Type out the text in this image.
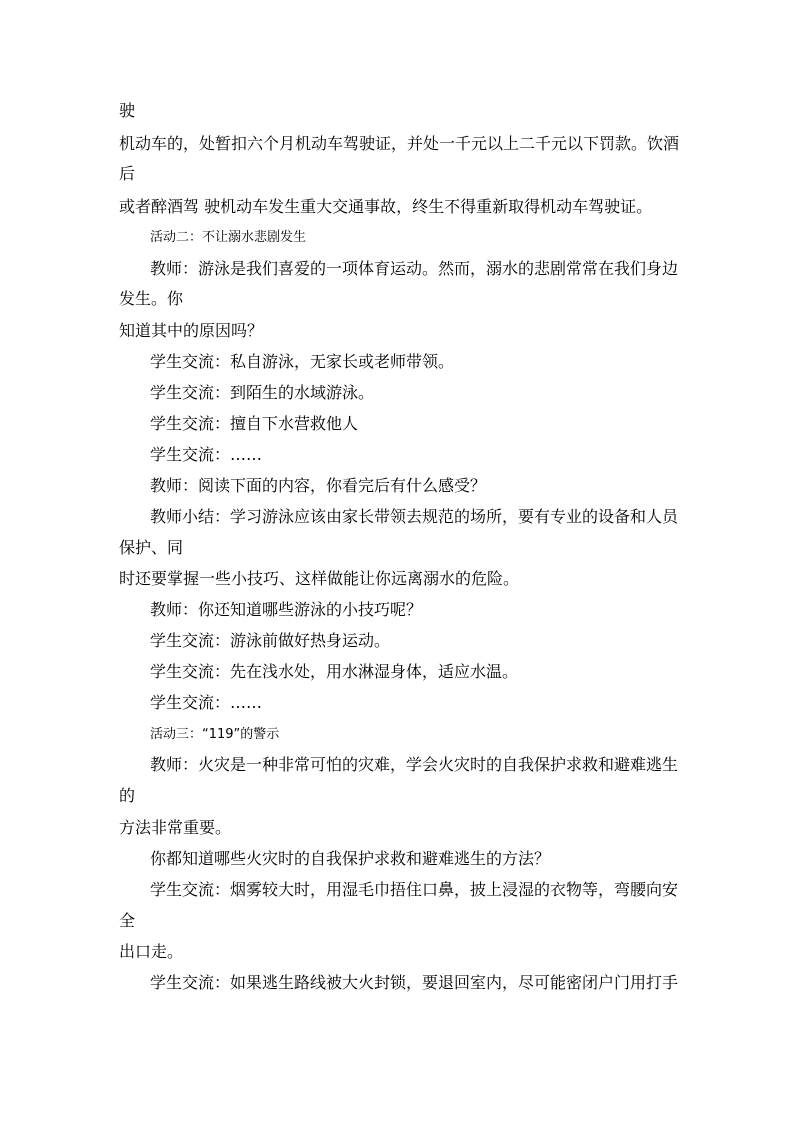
驶
机动车的，处暂扣六个月机动车驾驶证，并处一千元以上二千元以下罚款。饮酒
后
或者醉酒驾 驶机动车发生重大交通事故，终生不得重新取得机动车驾驶证。
活动二：不让溺水悲剧发生
教师：游泳是我们喜爱的一项体育运动。然而，溺水的悲剧常常在我们身边
发生。你
知道其中的原因吗？
学生交流：私自游泳，无家长或老师带领。
学生交流：到陌生的水域游泳。
学生交流：擅自下水营救他人
学生交流：……
教师：阅读下面的内容，你看完后有什么感受？
教师小结：学习游泳应该由家长带领去规范的场所，要有专业的设备和人员
保护、同
时还要掌握一些小技巧、这样做能让你远离溺水的危险。
教师：你还知道哪些游泳的小技巧呢？
学生交流：游泳前做好热身运动。
学生交流：先在浅水处，用水淋湿身体，适应水温。
学生交流：……
活动三：“119”的警示
教师：火灾是一种非常可怕的灾难，学会火灾时的自我保护求救和避难逃生
的
方法非常重要。
你都知道哪些火灾时的自我保护求救和避难逃生的方法？
学生交流：烟雾较大时，用湿毛巾捂住口鼻，披上浸湿的衣物等，弯腰向安
全
出口走。
学生交流：如果逃生路线被大火封锁，要退回室内，尽可能密闭户门用打手
